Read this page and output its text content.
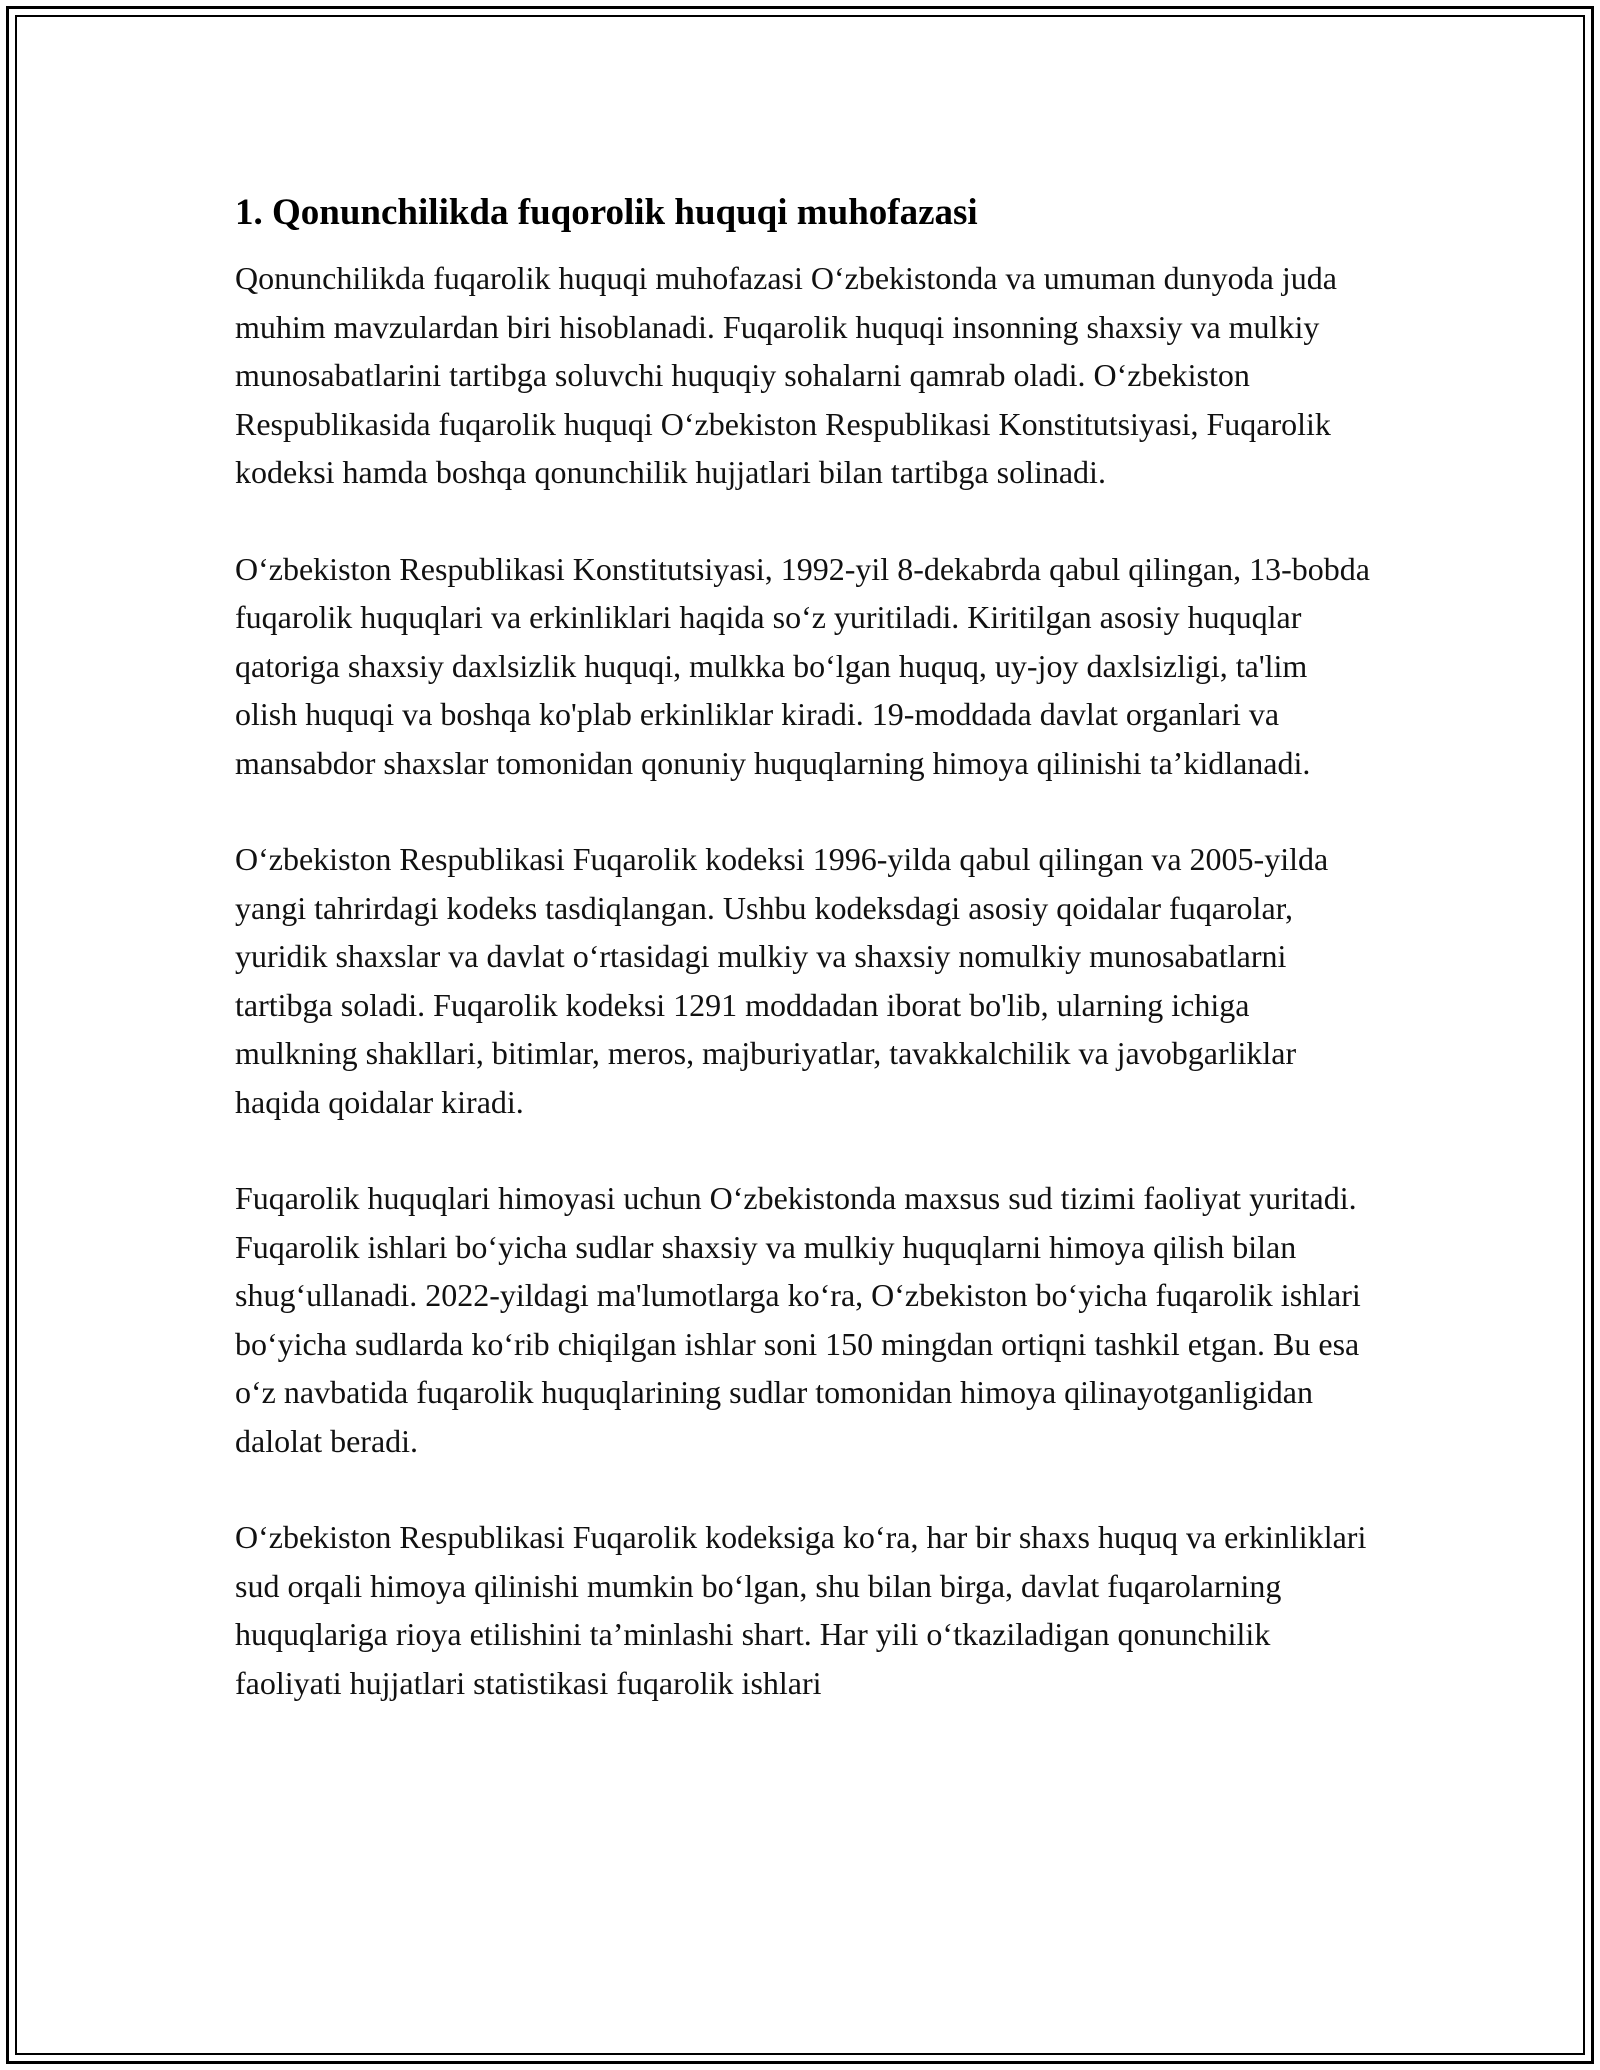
1. Qonunchilikda fuqorolik huquqi muhofazasi

Qonunchilikda fuqarolik huquqi muhofazasi O‘zbekistonda va umuman dunyoda juda muhim mavzulardan biri hisoblanadi. Fuqarolik huquqi insonning shaxsiy va mulkiy munosabatlarini tartibga soluvchi huquqiy sohalarni qamrab oladi. O‘zbekiston Respublikasida fuqarolik huquqi O‘zbekiston Respublikasi Konstitutsiyasi, Fuqarolik kodeksi hamda boshqa qonunchilik hujjatlari bilan tartibga solinadi.

O‘zbekiston Respublikasi Konstitutsiyasi, 1992-yil 8-dekabrda qabul qilingan, 13-bobda fuqarolik huquqlari va erkinliklari haqida so‘z yuritiladi. Kiritilgan asosiy huquqlar qatoriga shaxsiy daxlsizlik huquqi, mulkka bo‘lgan huquq, uy-joy daxlsizligi, ta'lim olish huquqi va boshqa ko'plab erkinliklar kiradi. 19-moddada davlat organlari va mansabdor shaxslar tomonidan qonuniy huquqlarning himoya qilinishi ta’kidlanadi.

O‘zbekiston Respublikasi Fuqarolik kodeksi 1996-yilda qabul qilingan va 2005-yilda yangi tahrirdagi kodeks tasdiqlangan. Ushbu kodeksdagi asosiy qoidalar fuqarolar, yuridik shaxslar va davlat o‘rtasidagi mulkiy va shaxsiy nomulkiy munosabatlarni tartibga soladi. Fuqarolik kodeksi 1291 moddadan iborat bo'lib, ularning ichiga mulkning shakllari, bitimlar, meros, majburiyatlar, tavakkalchilik va javobgarliklar haqida qoidalar kiradi.

Fuqarolik huquqlari himoyasi uchun O‘zbekistonda maxsus sud tizimi faoliyat yuritadi. Fuqarolik ishlari bo‘yicha sudlar shaxsiy va mulkiy huquqlarni himoya qilish bilan shug‘ullanadi. 2022-yildagi ma'lumotlarga ko‘ra, O‘zbekiston bo‘yicha fuqarolik ishlari bo‘yicha sudlarda ko‘rib chiqilgan ishlar soni 150 mingdan ortiqni tashkil etgan. Bu esa o‘z navbatida fuqarolik huquqlarining sudlar tomonidan himoya qilinayotganligidan dalolat beradi.

O‘zbekiston Respublikasi Fuqarolik kodeksiga ko‘ra, har bir shaxs huquq va erkinliklari sud orqali himoya qilinishi mumkin bo‘lgan, shu bilan birga, davlat fuqarolarning huquqlariga rioya etilishini ta’minlashi shart. Har yili o‘tkaziladigan qonunchilik faoliyati hujjatlari statistikasi fuqarolik ishlari
